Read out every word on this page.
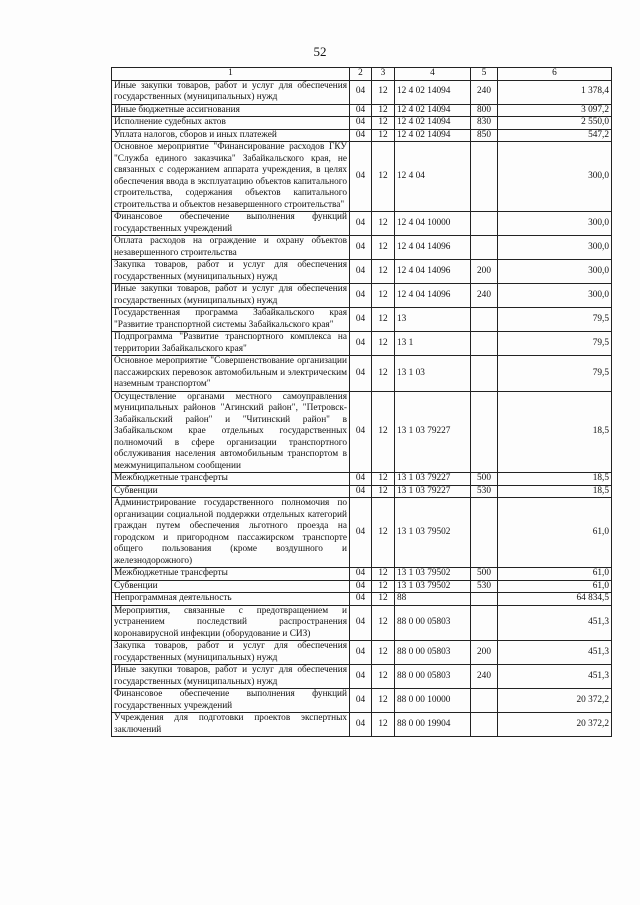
52
1	2	3	4	5	6
Иные закупки товаров, работ и услуг для обеспечения государственных (муниципальных) нужд	04	12	12 4 02 14094	240	1 378,4
Иные бюджетные ассигнования	04	12	12 4 02 14094	800	3 097,2
Исполнение судебных актов	04	12	12 4 02 14094	830	2 550,0
Уплата налогов, сборов и иных платежей	04	12	12 4 02 14094	850	547,2
Основное мероприятие "Финансирование расходов ГКУ "Служба единого заказчика" Забайкальского края, не связанных с содержанием аппарата учреждения, в целях обеспечения ввода в эксплуатацию объектов капитального строительства, содержания объектов капитального строительства и объектов незавершенного строительства"	04	12	12 4 04		300,0
Финансовое обеспечение выполнения функций государственных учреждений	04	12	12 4 04 10000		300,0
Оплата расходов на ограждение и охрану объектов незавершенного строительства	04	12	12 4 04 14096		300,0
Закупка товаров, работ и услуг для обеспечения государственных (муниципальных) нужд	04	12	12 4 04 14096	200	300,0
Иные закупки товаров, работ и услуг для обеспечения государственных (муниципальных) нужд	04	12	12 4 04 14096	240	300,0
Государственная программа Забайкальского края "Развитие транспортной системы Забайкальского края"	04	12	13		79,5
Подпрограмма "Развитие транспортного комплекса на территории Забайкальского края"	04	12	13 1		79,5
Основное мероприятие "Совершенствование организации пассажирских перевозок автомобильным и электрическим наземным транспортом"	04	12	13 1 03		79,5
Осуществление органами местного самоуправления муниципальных районов "Агинский район", "Петровск-Забайкальский район" и "Читинский район" в Забайкальском крае отдельных государственных полномочий в сфере организации транспортного обслуживания населения автомобильным транспортом в межмуниципальном сообщении	04	12	13 1 03 79227		18,5
Межбюджетные трансферты	04	12	13 1 03 79227	500	18,5
Субвенции	04	12	13 1 03 79227	530	18,5
Администрирование государственного полномочия по организации социальной поддержки отдельных категорий граждан путем обеспечения льготного проезда на городском и пригородном пассажирском транспорте общего пользования (кроме воздушного и железнодорожного)	04	12	13 1 03 79502		61,0
Межбюджетные трансферты	04	12	13 1 03 79502	500	61,0
Субвенции	04	12	13 1 03 79502	530	61,0
Непрограммная деятельность	04	12	88		64 834,5
Мероприятия, связанные с предотвращением и устранением последствий распространения коронавирусной инфекции (оборудование и СИЗ)	04	12	88 0 00 05803		451,3
Закупка товаров, работ и услуг для обеспечения государственных (муниципальных) нужд	04	12	88 0 00 05803	200	451,3
Иные закупки товаров, работ и услуг для обеспечения государственных (муниципальных) нужд	04	12	88 0 00 05803	240	451,3
Финансовое обеспечение выполнения функций государственных учреждений	04	12	88 0 00 10000		20 372,2
Учреждения для подготовки проектов экспертных заключений	04	12	88 0 00 19904		20 372,2
